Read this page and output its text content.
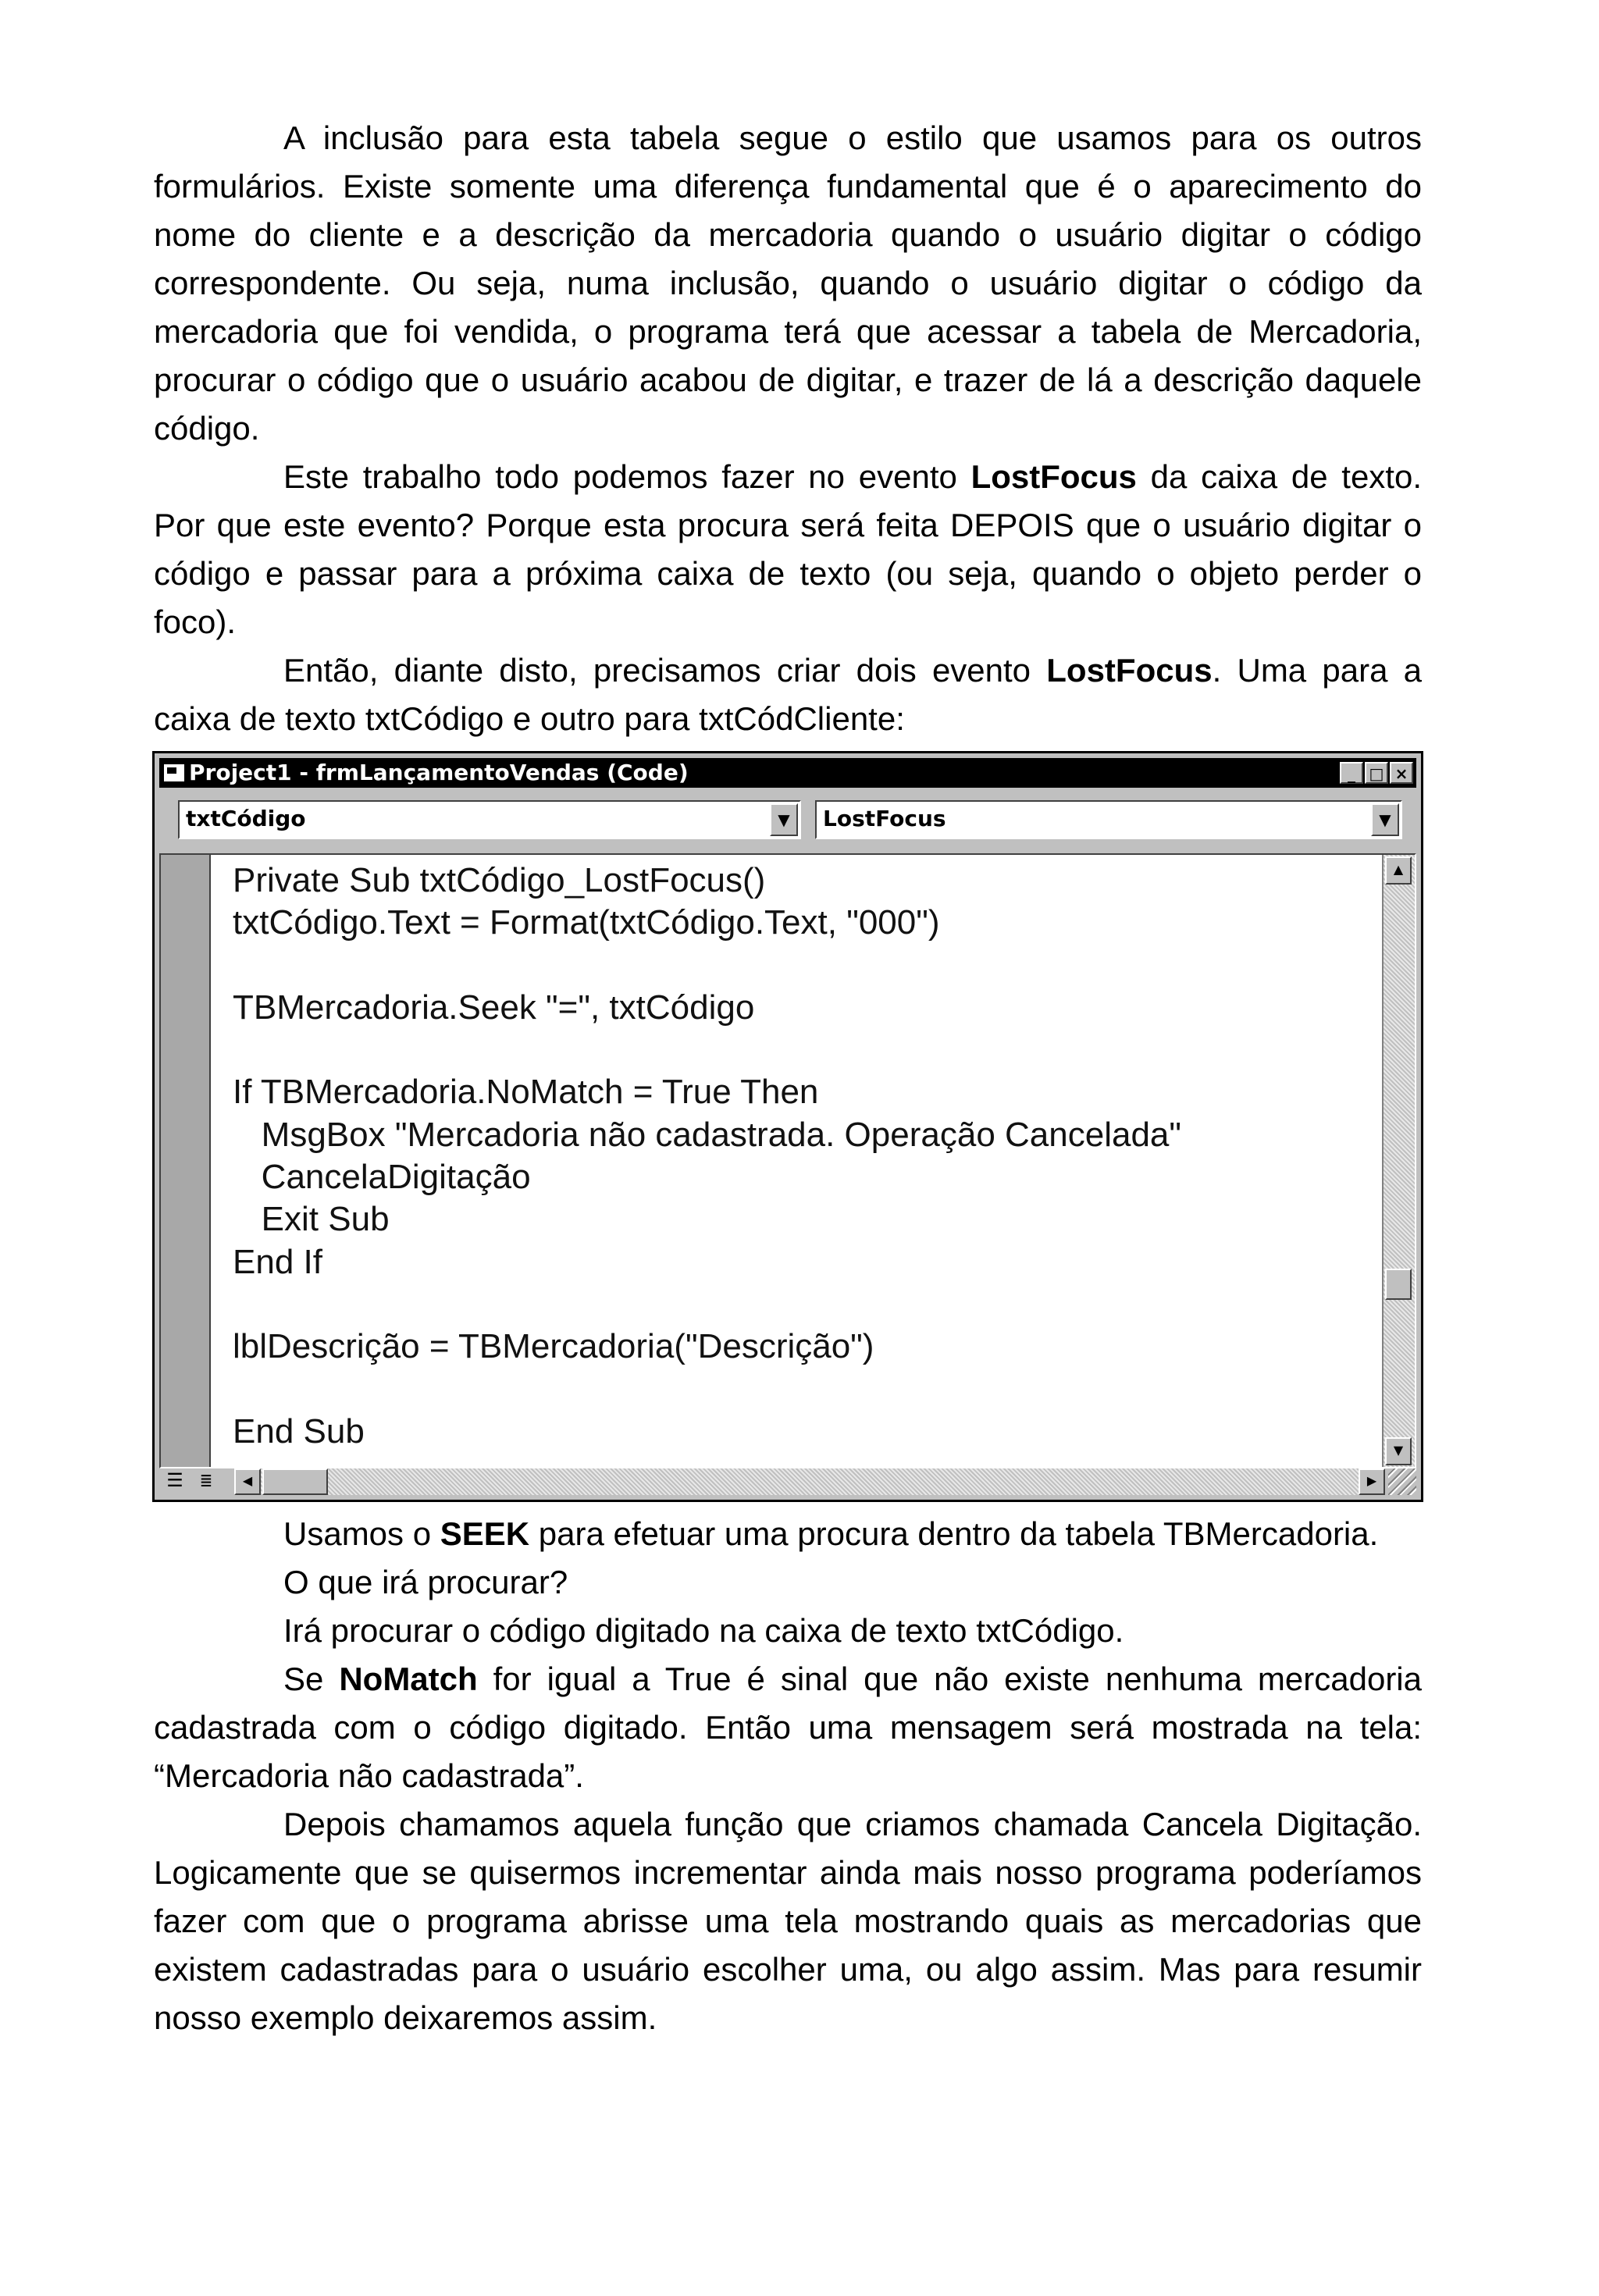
A inclusão para esta tabela segue o estilo que usamos para os outros formulários. Existe somente uma diferença fundamental que é o aparecimento do nome do cliente e a descrição da mercadoria quando o usuário digitar o código correspondente. Ou seja, numa inclusão, quando o usuário digitar o código da mercadoria que foi vendida, o programa terá que acessar a tabela de Mercadoria, procurar o código que o usuário acabou de digitar, e trazer de lá a descrição daquele código.

Este trabalho todo podemos fazer no evento LostFocus da caixa de texto. Por que este evento? Porque esta procura será feita DEPOIS que o usuário digitar o código e passar para a próxima caixa de texto (ou seja, quando o objeto perder o foco).

Então, diante disto, precisamos criar dois evento LostFocus. Uma para a caixa de texto txtCódigo e outro para txtCódCliente:

Project1 - frmLançamentoVendas (Code)	_ □ ×
txtCódigo	▼	LostFocus	▼
Private Sub txtCódigo_LostFocus()
txtCódigo.Text = Format(txtCódigo.Text, "000")

TBMercadoria.Seek "=", txtCódigo

If TBMercadoria.NoMatch = True Then
MsgBox "Mercadoria não cadastrada. Operação Cancelada"
CancelaDigitação
Exit Sub
End If

lblDescrição = TBMercadoria("Descrição")

End Sub
▲
▼
☰ ≣	◀	▶

Usamos o SEEK para efetuar uma procura dentro da tabela TBMercadoria.

O que irá procurar?

Irá procurar o código digitado na caixa de texto txtCódigo.

Se NoMatch for igual a True é sinal que não existe nenhuma mercadoria cadastrada com o código digitado. Então uma mensagem será mostrada na tela: “Mercadoria não cadastrada”.

Depois chamamos aquela função que criamos chamada Cancela Digitação. Logicamente que se quisermos incrementar ainda mais nosso programa poderíamos fazer com que o programa abrisse uma tela mostrando quais as mercadorias que existem cadastradas para o usuário escolher uma, ou algo assim. Mas para resumir nosso exemplo deixaremos assim.
